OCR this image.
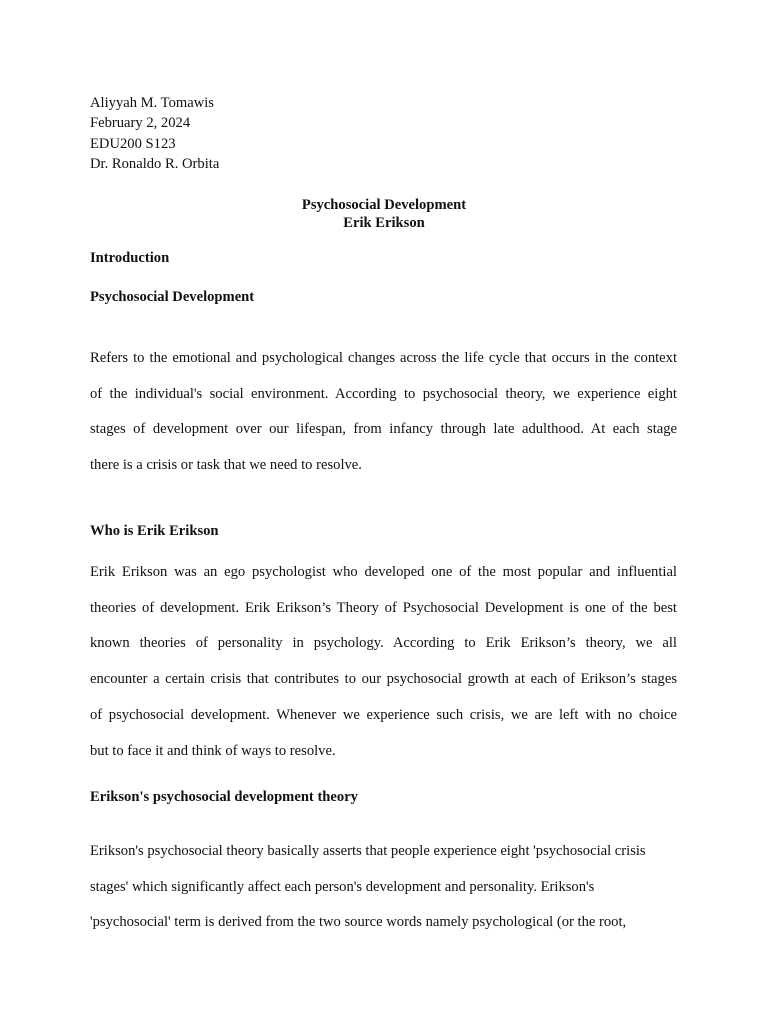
Aliyyah M. Tomawis
February 2, 2024
EDU200 S123
Dr. Ronaldo R. Orbita
Psychosocial Development
Erik Erikson
Introduction
Psychosocial Development

Refers to the emotional and psychological changes across the life cycle that occurs in the context
of the individual's social environment. According to psychosocial theory, we experience eight
stages of development over our lifespan, from infancy through late adulthood. At each stage
there is a crisis or task that we need to resolve.

Who is Erik Erikson

Erik Erikson was an ego psychologist who developed one of the most popular and influential
theories of development. Erik Erikson’s Theory of Psychosocial Development is one of the best
known theories of personality in psychology. According to Erik Erikson’s theory, we all
encounter a certain crisis that contributes to our psychosocial growth at each of Erikson’s stages
of psychosocial development. Whenever we experience such crisis, we are left with no choice
but to face it and think of ways to resolve.

Erikson's psychosocial development theory

Erikson's psychosocial theory basically asserts that people experience eight 'psychosocial crisis
stages' which significantly affect each person's development and personality. Erikson's
'psychosocial' term is derived from the two source words namely psychological (or the root,
